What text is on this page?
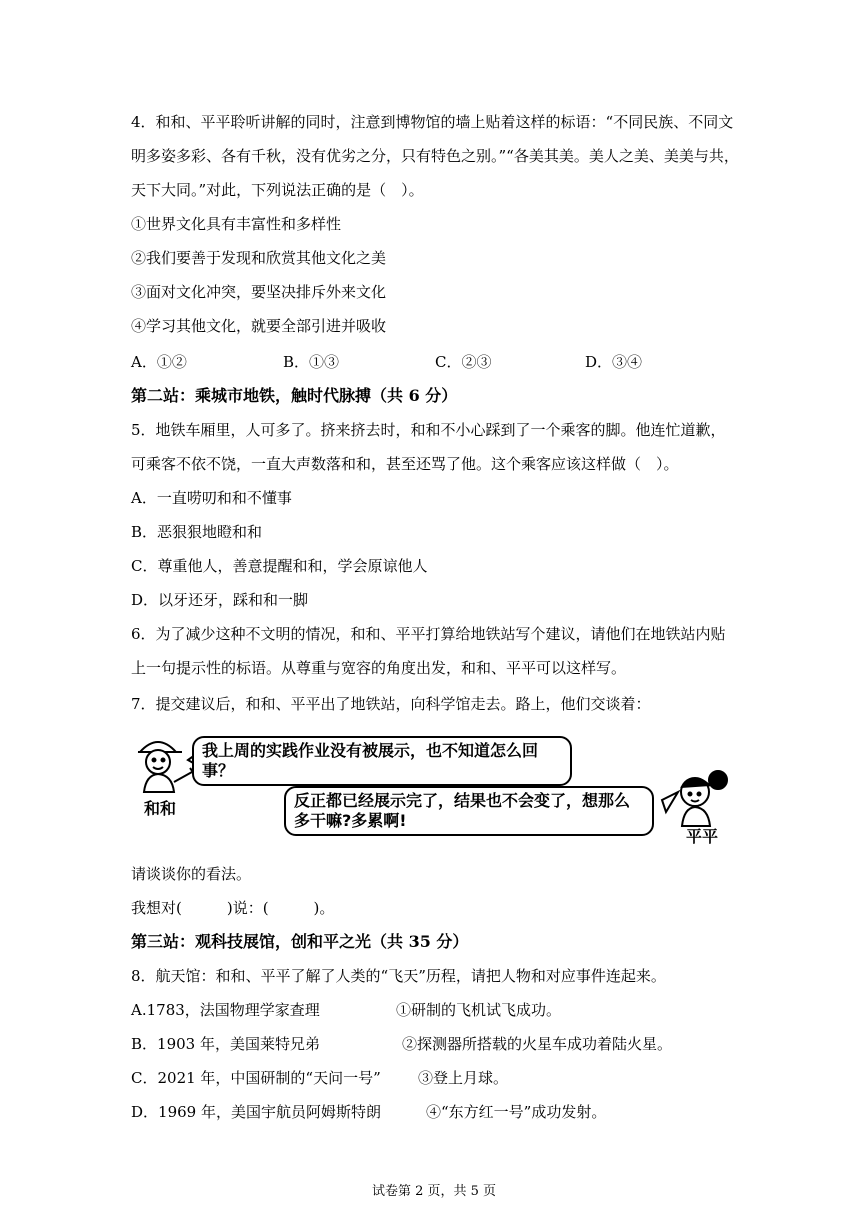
4．和和、平平聆听讲解的同时，注意到博物馆的墙上贴着这样的标语：“不同民族、不同文
明多姿多彩、各有千秋，没有优劣之分，只有特色之别。”“各美其美。美人之美、美美与共，
天下大同。”对此，下列说法正确的是（　）。
①世界文化具有丰富性和多样性
②我们要善于发现和欣赏其他文化之美
③面对文化冲突，要坚决排斥外来文化
④学习其他文化，就要全部引进并吸收
A．①②	B．①③	C．②③	D．③④
第二站：乘城市地铁，触时代脉搏（共 6 分）
5．地铁车厢里，人可多了。挤来挤去时，和和不小心踩到了一个乘客的脚。他连忙道歉，
可乘客不依不饶，一直大声数落和和，甚至还骂了他。这个乘客应该这样做（　）。
A．一直唠叨和和不懂事
B．恶狠狠地瞪和和
C．尊重他人，善意提醒和和，学会原谅他人
D．以牙还牙，踩和和一脚
6．为了减少这种不文明的情况，和和、平平打算给地铁站写个建议，请他们在地铁站内贴
上一句提示性的标语。从尊重与宽容的角度出发，和和、平平可以这样写。
7．提交建议后，和和、平平出了地铁站，向科学馆走去。路上，他们交谈着：
我上周的实践作业没有被展示，也不知道怎么回事？
反正都已经展示完了，结果也不会变了，想那么多干嘛?多累啊!
和和
平平
请谈谈你的看法。
我想对(　　　)说：(　　　)。
第三站：观科技展馆，创和平之光（共 35 分）
8．航天馆：和和、平平了解了人类的“飞天”历程，请把人物和对应事件连起来。
A.1783，法国物理学家查理	①研制的飞机试飞成功。
B．1903 年，美国莱特兄弟	②探测器所搭载的火星车成功着陆火星。
C．2021 年，中国研制的“天问一号” ③登上月球。
D．1969 年，美国宇航员阿姆斯特朗	④“东方红一号”成功发射。
试卷第 2 页，共 5 页
